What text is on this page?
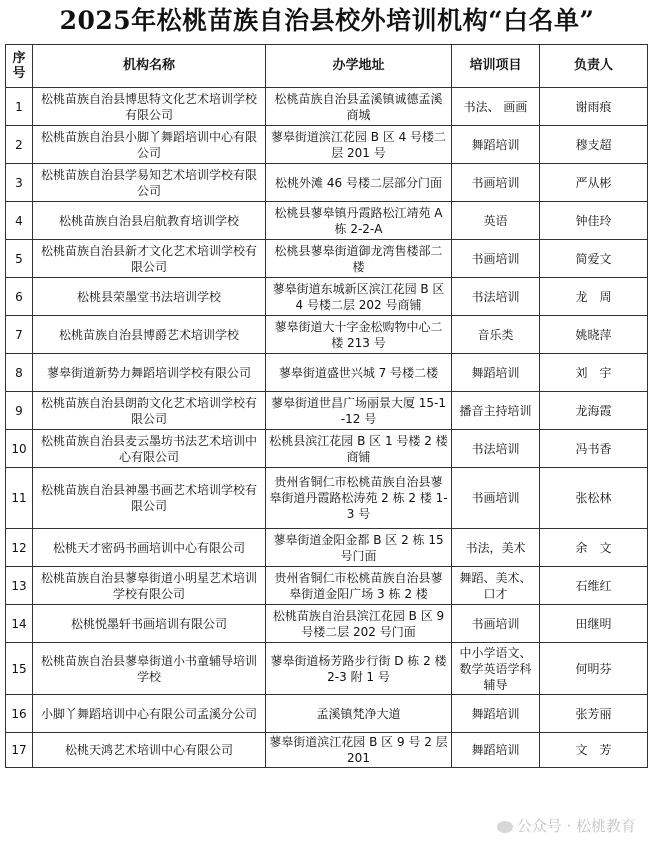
2025年松桃苗族自治县校外培训机构“白名单”
序号	机构名称	办学地址	培训项目	负责人
1	松桃苗族自治县博思特文化艺术培训学校有限公司	松桃苗族自治县孟溪镇诚德孟溪商城	书法、 画画	谢雨痕
2	松桃苗族自治县小脚丫舞蹈培训中心有限公司	蓼皋街道滨江花园 B 区 4 号楼二层 201 号	舞蹈培训	穆支超
3	松桃苗族自治县学易知艺术培训学校有限公司	松桃外滩 46 号楼二层部分门面	书画培训	严从彬
4	松桃苗族自治县启航教育培训学校	松桃县蓼皋镇丹霞路松江靖苑 A 栋 2-2-A	英语	钟佳玲
5	松桃苗族自治县新才文化艺术培训学校有限公司	松桃县蓼皋街道御龙湾售楼部二楼	书画培训	简爱文
6	松桃县荣墨堂书法培训学校	蓼皋街道东城新区滨江花园 B 区 4 号楼二层 202 号商铺	书法培训	龙　周
7	松桃苗族自治县博爵艺术培训学校	蓼皋街道大十字金松购物中心二楼 213 号	音乐类	姚晓萍
8	蓼皋街道新势力舞蹈培训学校有限公司	蓼皋街道盛世兴城 7 号楼二楼	舞蹈培训	刘　宇
9	松桃苗族自治县朗韵文化艺术培训学校有限公司	蓼皋街道世昌广场丽景大厦 15-1-12 号	播音主持培训	龙海霞
10	松桃苗族自治县麦云墨坊书法艺术培训中心有限公司	松桃县滨江花园 B 区 1 号楼 2 楼商铺	书法培训	冯书香
11	松桃苗族自治县神墨书画艺术培训学校有限公司	贵州省铜仁市松桃苗族自治县蓼皋街道丹霞路松涛苑 2 栋 2 楼 1-3 号	书画培训	张松林
12	松桃天才密码书画培训中心有限公司	蓼皋街道金阳金都 B 区 2 栋 15 号门面	书法，美术	余　文
13	松桃苗族自治县蓼皋街道小明星艺术培训学校有限公司	贵州省铜仁市松桃苗族自治县蓼皋街道金阳广场 3 栋 2 楼	舞蹈、美术、口才	石维红
14	松桃悦墨轩书画培训有限公司	松桃苗族自治县滨江花园 B 区 9 号楼二层 202 号门面	书画培训	田继明
15	松桃苗族自治县蓼皋街道小书童辅导培训学校	蓼皋街道杨芳路步行街 D 栋 2 楼 2-3 附 1 号	中小学语文、数学英语学科辅导	何明芬
16	小脚丫舞蹈培训中心有限公司孟溪分公司	孟溪镇梵净大道	舞蹈培训	张芳丽
17	松桃天鸿艺术培训中心有限公司	蓼皋街道滨江花园 B 区 9 号 2 层 201	舞蹈培训	文　芳
公众号 · 松桃教育
